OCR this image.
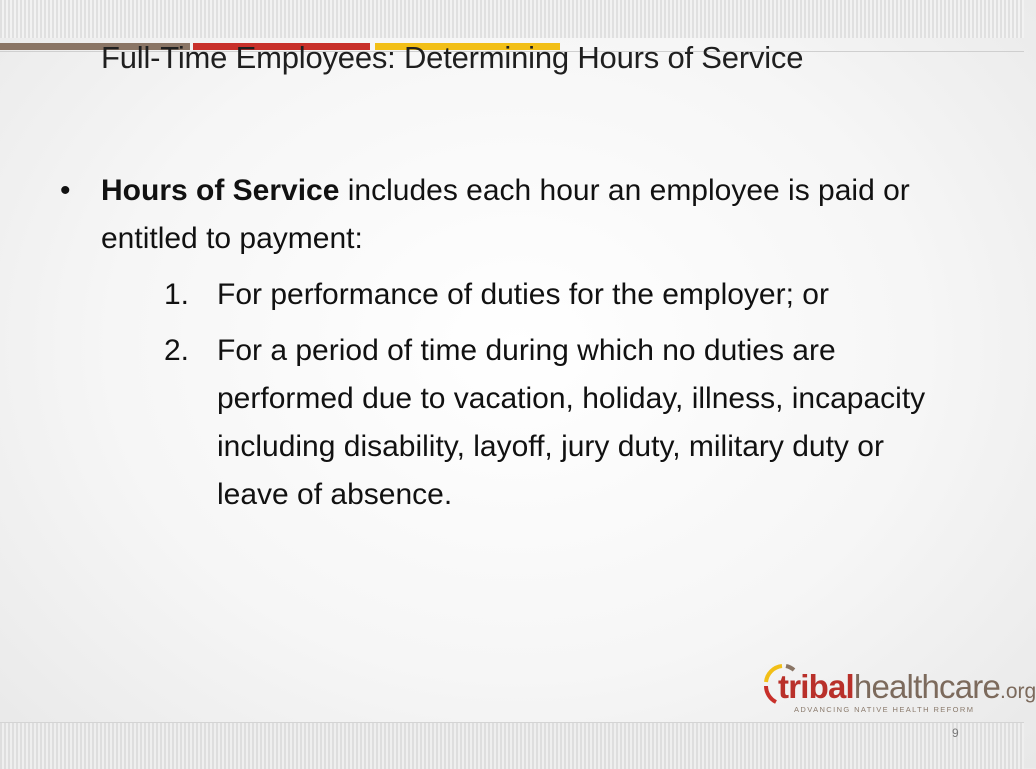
Full-Time Employees: Determining Hours of Service
• Hours of Service includes each hour an employee is paid or entitled to payment:
1. For performance of duties for the employer; or
2. For a period of time during which no duties are performed due to vacation, holiday, illness, incapacity including disability, layoff, jury duty, military duty or leave of absence.
tribalhealthcare.org
ADVANCING NATIVE HEALTH REFORM
9
